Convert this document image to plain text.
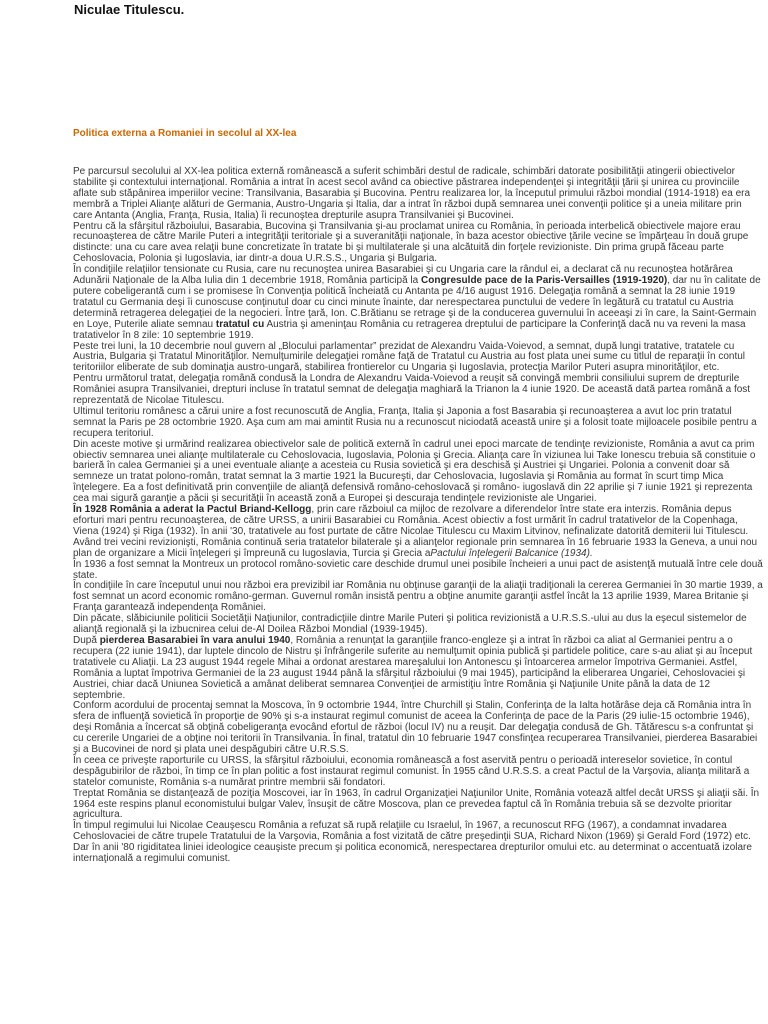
Niculae Titulescu.
Politica externa a Romaniei in secolul al XX-lea

Pe parcursul secolului al XX-lea politica externă românească a suferit schimbări destul de radicale, schimbări datorate posibilităţii atingerii obiectivelor stabilite şi contextului internaţional. România a intrat în acest secol având ca obiective păstrarea independenţei şi integrităţii ţării şi unirea cu provinciile aflate sub stăpânirea imperiilor vecine: Transilvania, Basarabia şi Bucovina. Pentru realizarea lor, la începutul primului război mondial (1914-1918) ea era membră a Triplei Alianţe alături de Germania, Austro-Ungaria şi Italia, dar a intrat în război după semnarea unei convenţii politice şi a uneia militare prin care Antanta (Anglia, Franţa, Rusia, Italia) îi recunoştea drepturile asupra Transilvaniei şi Bucovinei.

Pentru că la sfârşitul războiului, Basarabia, Bucovina şi Transilvania şi-au proclamat unirea cu România, în perioada interbelică obiectivele majore erau recunoaşterea de către Marile Puteri a integrităţii teritoriale şi a suveranităţii naţionale, în baza acestor obiective ţările vecine se împărţeau în două grupe distincte: una cu care avea relaţii bune concretizate în tratate bi şi multilaterale şi una alcătuită din forţele revizioniste. Din prima grupă făceau parte Cehoslovacia, Polonia şi Iugoslavia, iar dintr-a doua U.R.S.S., Ungaria şi Bulgaria.

În condiţiile relaţiilor tensionate cu Rusia, care nu recunoştea unirea Basarabiei şi cu Ungaria care la rândul ei, a declarat că nu recunoştea hotărârea Adunării Naţionale de la Alba Iulia din 1 decembrie 1918, România participă la Congresulde pace de la Paris-Versailles (1919-1920), dar nu în calitate de putere cobeligerantă cum i se promisese în Convenţia politică încheiată cu Antanta pe 4/16 august 1916. Delegaţia română a semnat la 28 iunie 1919 tratatul cu Germania deşi îi cunoscuse conţinutul doar cu cinci minute înainte, dar nerespectarea punctului de vedere în legătură cu tratatul cu Austria determină retragerea delegaţiei de la negocieri. Între ţară, Ion. C.Brătianu se retrage şi de la conducerea guvernului în aceeaşi zi în care, la Saint-Germain en Loye, Puterile aliate semnau tratatul cu Austria şi ameninţau România cu retragerea dreptului de participare la Conferinţă dacă nu va reveni la masa tratativelor în 8 zile: 10 septembrie 1919.

Peste trei luni, la 10 decembrie noul guvern al „Blocului parlamentar” prezidat de Alexandru Vaida-Voievod, a semnat, după lungi tratative, tratatele cu Austria, Bulgaria şi Tratatul Minorităţilor. Nemulţumirile delegaţiei române faţă de Tratatul cu Austria au fost plata unei sume cu titlul de reparaţii în contul teritoriilor eliberate de sub dominaţia austro-ungară, stabilirea frontierelor cu Ungaria şi Iugoslavia, protecţia Marilor Puteri asupra minorităţilor, etc.

Pentru următorul tratat, delegaţia română condusă la Londra de Alexandru Vaida-Voievod a reuşit să convingă membrii consiliului suprem de drepturile României asupra Transilvaniei, drepturi incluse în tratatul semnat de delegaţia maghiară la Trianon la 4 iunie 1920. De această dată partea română a fost reprezentată de Nicolae Titulescu.

Ultimul teritoriu românesc a cărui unire a fost recunoscută de Anglia, Franţa, Italia şi Japonia a fost Basarabia şi recunoaşterea a avut loc prin tratatul semnat la Paris pe 28 octombrie 1920. Aşa cum am mai amintit Rusia nu a recunoscut niciodată această unire şi a folosit toate mijloacele posibile pentru a recupera teritoriul.

Din aceste motive şi urmărind realizarea obiectivelor sale de politică externă în cadrul unei epoci marcate de tendinţe revizioniste, România a avut ca prim obiectiv semnarea unei alianţe multilaterale cu Cehoslovacia, Iugoslavia, Polonia şi Grecia. Alianţa care în viziunea lui Take Ionescu trebuia să constituie o barieră în calea Germaniei şi a unei eventuale alianţe a acesteia cu Rusia sovietică şi era deschisă şi Austriei şi Ungariei. Polonia a convenit doar să semneze un tratat polono-român, tratat semnat la 3 martie 1921 la Bucureşti, dar Cehoslovacia, Iugoslavia şi România au format în scurt timp Mica înţelegere. Ea a fost definitivată prin convenţiile de alianţă defensivă româno-cehoslovacă şi româno- iugoslavă din 22 aprilie şi 7 iunie 1921 şi reprezenta cea mai sigură garanţie a păcii şi securităţii în această zonă a Europei şi descuraja tendinţele revizioniste ale Ungariei.

În 1928 România a aderat la Pactul Briand-Kellogg, prin care războiul ca mijloc de rezolvare a diferendelor între state era interzis. România depus eforturi mari pentru recunoaşterea, de către URSS, a unirii Basarabiei cu România. Acest obiectiv a fost urmărit în cadrul tratativelor de la Copenhaga, Viena (1924) şi Riga (1932). în anii '30, tratativele au fost purtate de către Nicolae Titulescu cu Maxim Litvinov, nefinalizate datorită demiterii lui Titulescu. Având trei vecini revizionişti, România continuă seria tratatelor bilaterale şi a alianţelor regionale prin semnarea în 16 februarie 1933 la Geneva, a unui nou plan de organizare a Micii înţelegeri şi împreună cu Iugoslavia, Turcia şi Grecia aPactului înţelegerii Balcanice (1934).

În 1936 a fost semnat la Montreux un protocol româno-sovietic care deschide drumul unei posibile încheieri a unui pact de asistenţă mutuală între cele două state.

În condiţiile în care începutul unui nou război era previzibil iar România nu obţinuse garanţii de la aliaţii tradiţionali la cererea Germaniei în 30 martie 1939, a fost semnat un acord economic româno-german. Guvernul român insistă pentru a obţine anumite garanţii astfel încât la 13 aprilie 1939, Marea Britanie şi Franţa garantează independenţa României.

Din păcate, slăbiciunile politicii Societăţii Naţiunilor, contradicţiile dintre Marile Puteri şi politica revizionistă a U.R.S.S.-ului au dus la eşecul sistemelor de alianţă regională şi la izbucnirea celui de-Al Doilea Război Mondial (1939-1945).

După pierderea Basarabiei în vara anului 1940, România a renunţat la garanţiile franco-engleze şi a intrat în război ca aliat al Germaniei pentru a o recupera (22 iunie 1941), dar luptele dincolo de Nistru şi înfrângerile suferite au nemulţumit opinia publică şi partidele politice, care s-au aliat şi au început tratativele cu Aliaţii. La 23 august 1944 regele Mihai a ordonat arestarea mareşalului Ion Antonescu şi întoarcerea armelor împotriva Germaniei. Astfel, România a luptat împotriva Germaniei de la 23 august 1944 până la sfârşitul războiului (9 mai 1945), participând la eliberarea Ungariei, Cehoslovaciei şi Austriei, chiar dacă Uniunea Sovietică a amânat deliberat semnarea Convenţiei de armistiţiu între România şi Naţiunile Unite până la data de 12 septembrie.

Conform acordului de procentaj semnat la Moscova, în 9 octombrie 1944, între Churchill şi Stalin, Conferinţa de la Ialta hotărâse deja că România intra în sfera de influenţă sovietică în proporţie de 90% şi s-a instaurat regimul comunist de aceea la Conferinţa de pace de la Paris (29 iulie-15 octombrie 1946), deşi România a încercat să obţină cobeligeranţa evocând efortul de război (locul IV) nu a reuşit. Dar delegaţia condusă de Gh. Tătărescu s-a confruntat şi cu cererile Ungariei de a obţine noi teritorii în Transilvania. În final, tratatul din 10 februarie 1947 consfinţea recuperarea Transilvaniei, pierderea Basarabiei şi a Bucovinei de nord şi plata unei despăgubiri către U.R.S.S.

În ceea ce priveşte raporturile cu URSS, la sfârşitul războiului, economia românească a fost aservită pentru o perioadă intereselor sovietice, în contul despăgubirilor de război, în timp ce în plan politic a fost instaurat regimul comunist. În 1955 când U.R.S.S. a creat Pactul de la Varşovia, alianţa militară a statelor comuniste, România s-a numărat printre membrii săi fondatori.

Treptat România se distanţează de poziţia Moscovei, iar în 1963, în cadrul Organizaţiei Naţiunilor Unite, România votează altfel decât URSS şi aliaţii săi. În 1964 este respins planul economistului bulgar Valev, însuşit de către Moscova, plan ce prevedea faptul că în România trebuia să se dezvolte prioritar agricultura.

În timpul regimului lui Nicolae Ceauşescu România a refuzat să rupă relaţiile cu Israelul, în 1967, a recunoscut RFG (1967), a condamnat invadarea Cehoslovaciei de către trupele Tratatului de la Varşovia, România a fost vizitată de către preşedinţii SUA, Richard Nixon (1969) şi Gerald Ford (1972) etc.

Dar în anii '80 rigiditatea liniei ideologice ceauşiste precum şi politica economică, nerespectarea drepturilor omului etc. au determinat o accentuată izolare internaţională a regimului comunist.
